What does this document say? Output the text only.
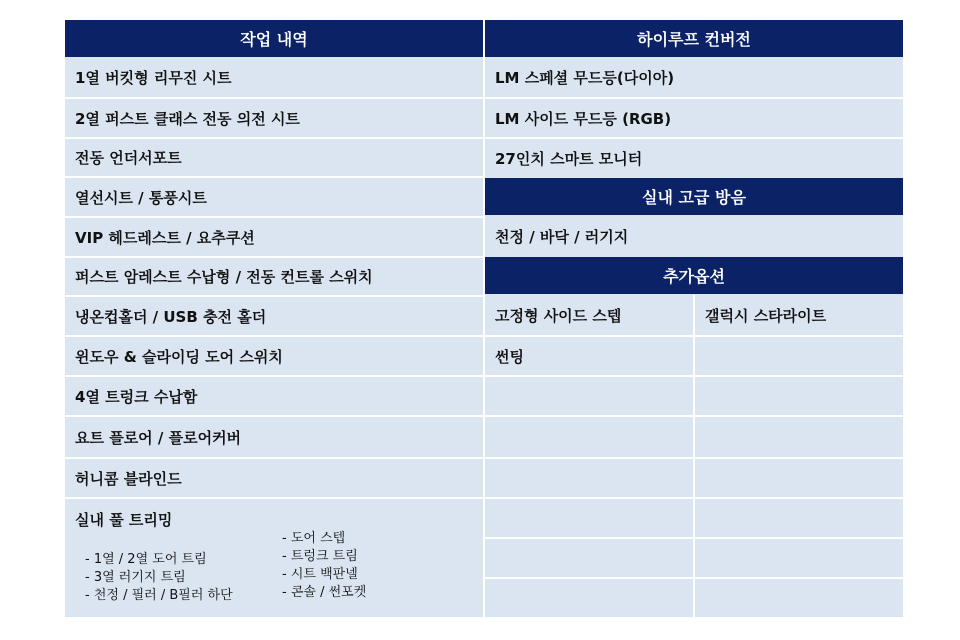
작업 내역	하이루프 컨버전
실내 고급 방음
추가옵션
1열 버킷형 리무진 시트
2열 퍼스트 클래스 전동 의전 시트
전동 언더서포트
열선시트 / 통풍시트
VIP 헤드레스트 / 요추쿠션
퍼스트 암레스트 수납형 / 전동 컨트롤 스위치
냉온컵홀더 / USB 충전 홀더
윈도우 & 슬라이딩 도어 스위치
4열 트렁크 수납함
요트 플로어 / 플로어커버
허니콤 블라인드
실내 풀 트리밍
- 1열 / 2열 도어 트림
- 3열 러기지 트림
- 천정 / 필러 / B필러 하단
- 도어 스텝
- 트렁크 트림
- 시트 백판넬
- 콘솔 / 썬포켓
LM 스페셜 무드등(다이아)
LM 사이드 무드등 (RGB)
27인치 스마트 모니터
천정 / 바닥 / 러기지
고정형 사이드 스텝	갤럭시 스타라이트
썬팅
